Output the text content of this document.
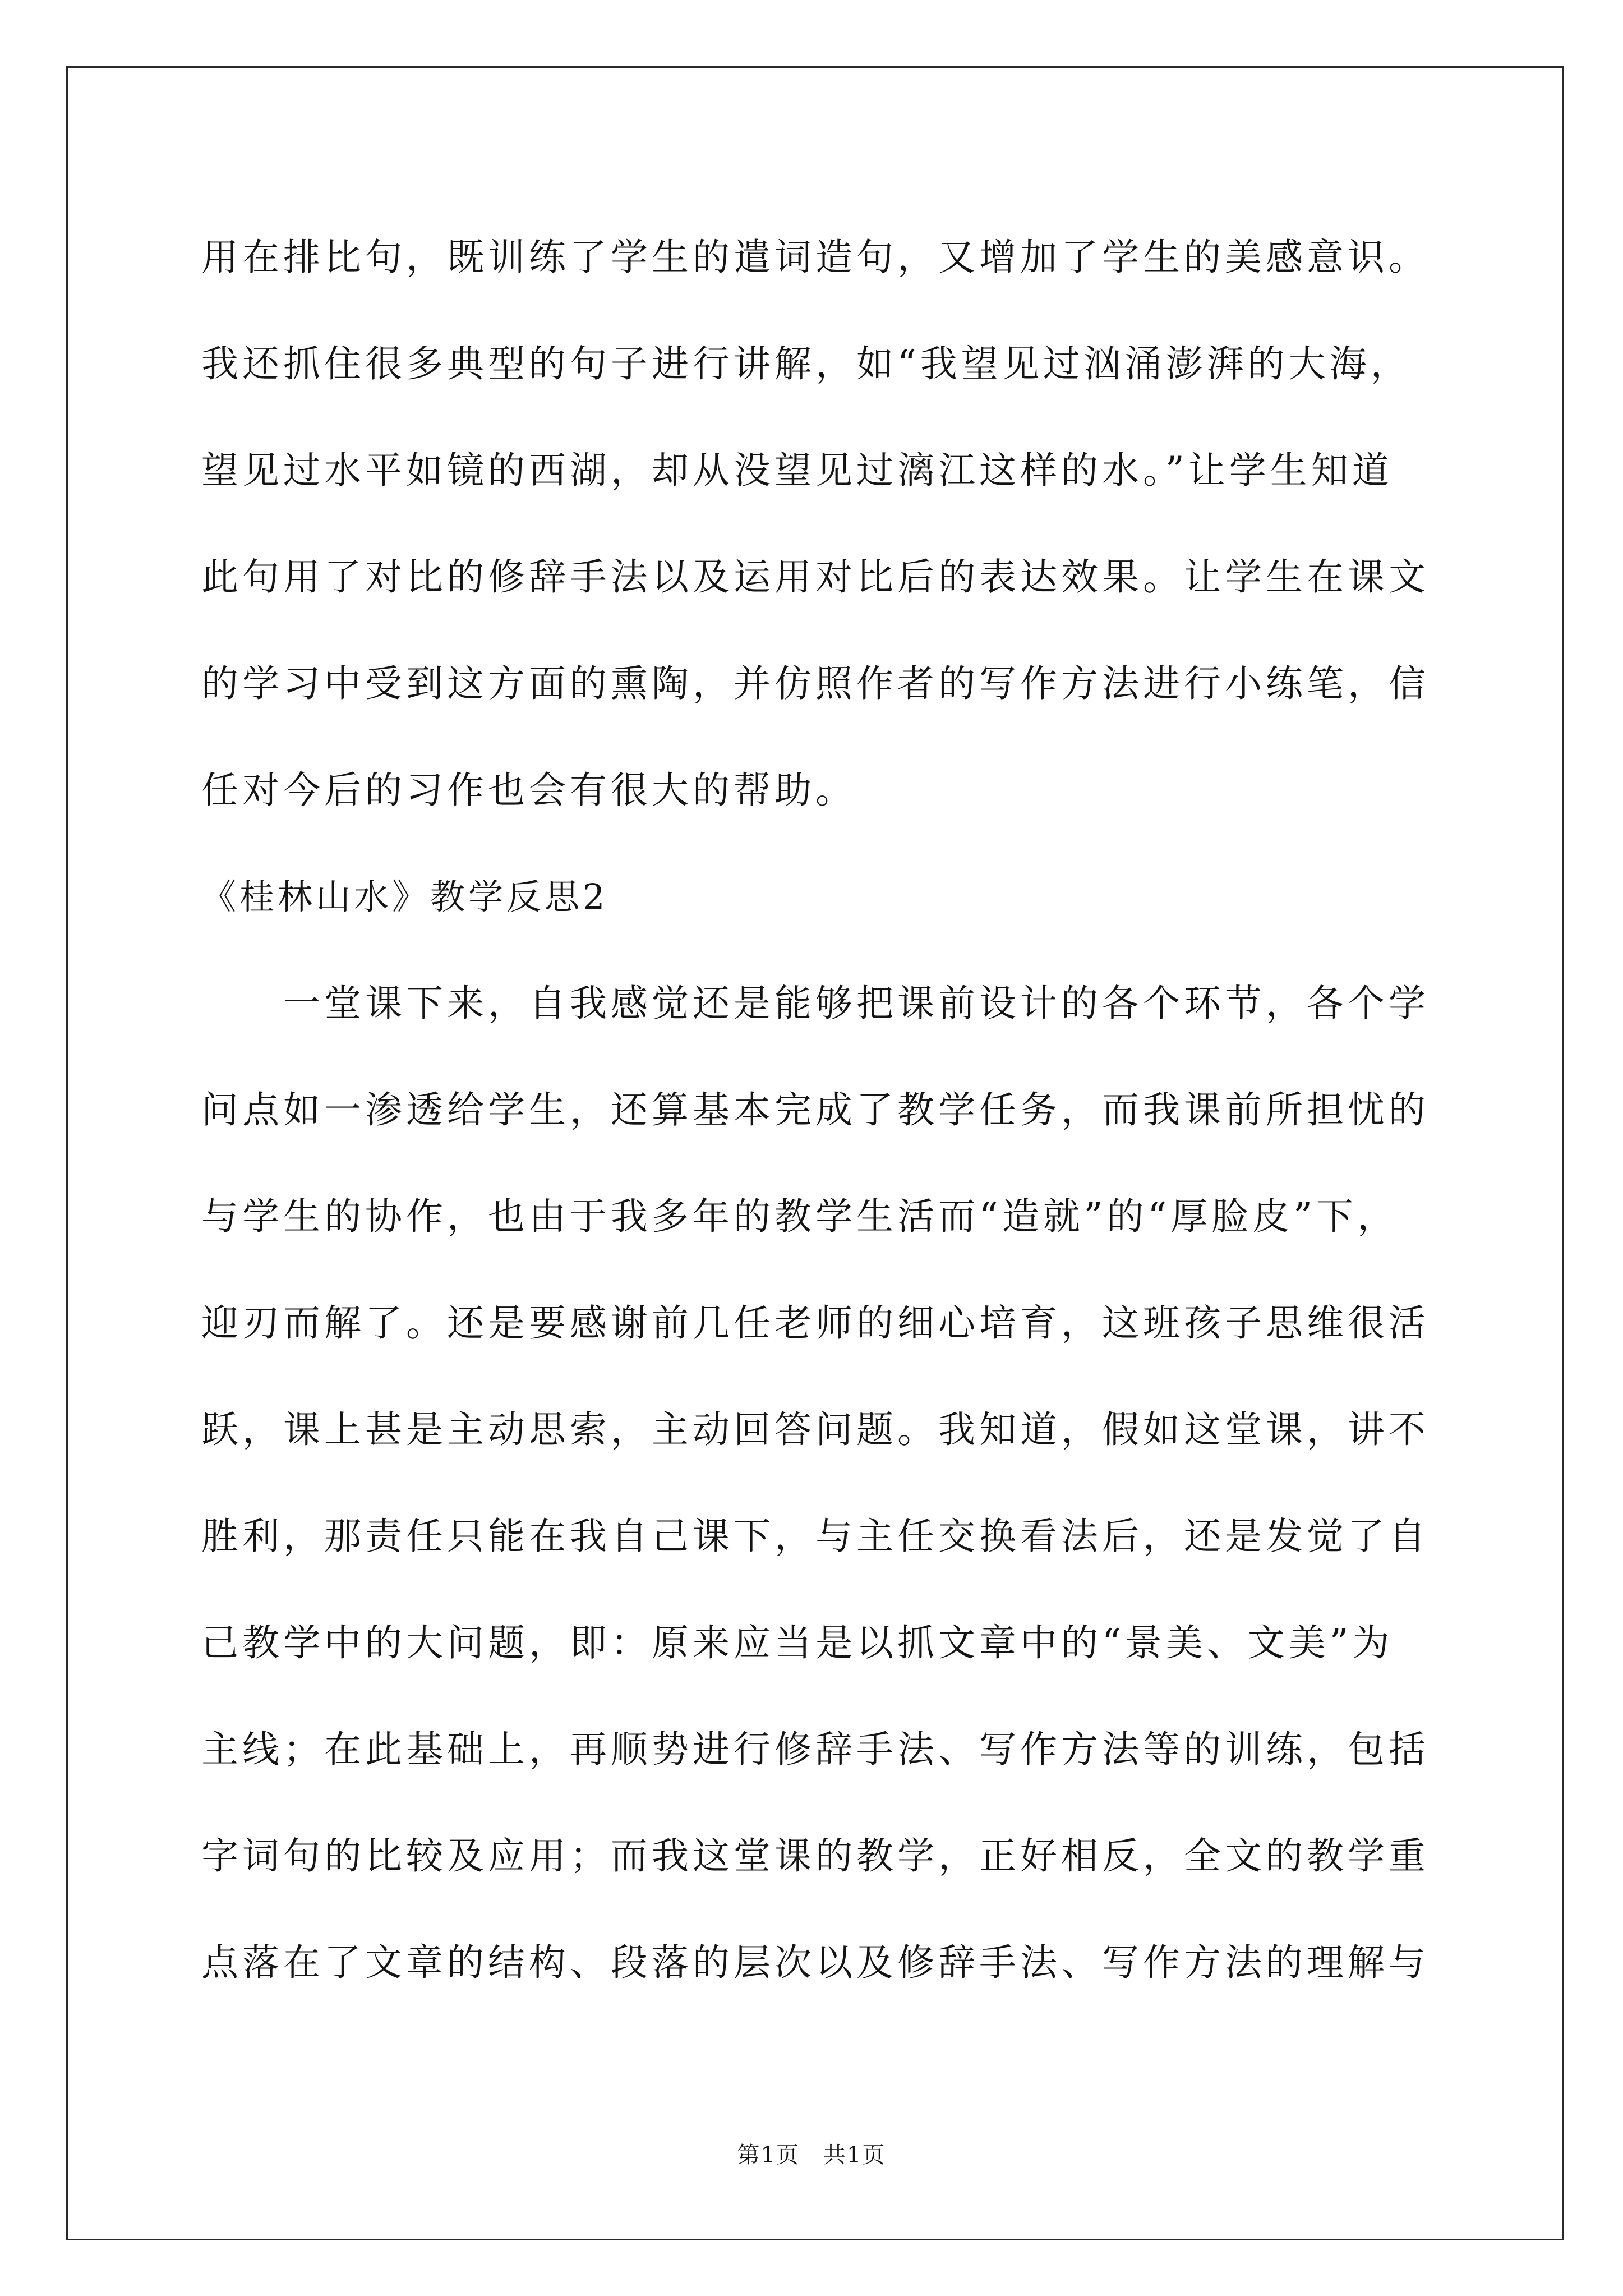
用在排比句，既训练了学生的遣词造句，又增加了学生的美感意识。
我还抓住很多典型的句子进行讲解，如“我望见过汹涌澎湃的大海，
望见过水平如镜的西湖，却从没望见过漓江这样的水。”让学生知道
此句用了对比的修辞手法以及运用对比后的表达效果。让学生在课文
的学习中受到这方面的熏陶，并仿照作者的写作方法进行小练笔，信
任对今后的习作也会有很大的帮助。
《桂林山水》教学反思2
一堂课下来，自我感觉还是能够把课前设计的各个环节，各个学
问点如一渗透给学生，还算基本完成了教学任务，而我课前所担忧的
与学生的协作，也由于我多年的教学生活而“造就”的“厚脸皮”下，
迎刃而解了。还是要感谢前几任老师的细心培育，这班孩子思维很活
跃，课上甚是主动思索，主动回答问题。我知道，假如这堂课，讲不
胜利，那责任只能在我自己课下，与主任交换看法后，还是发觉了自
己教学中的大问题，即：原来应当是以抓文章中的“景美、文美”为
主线；在此基础上，再顺势进行修辞手法、写作方法等的训练，包括
字词句的比较及应用；而我这堂课的教学，正好相反，全文的教学重
点落在了文章的结构、段落的层次以及修辞手法、写作方法的理解与
第1页　共1页
